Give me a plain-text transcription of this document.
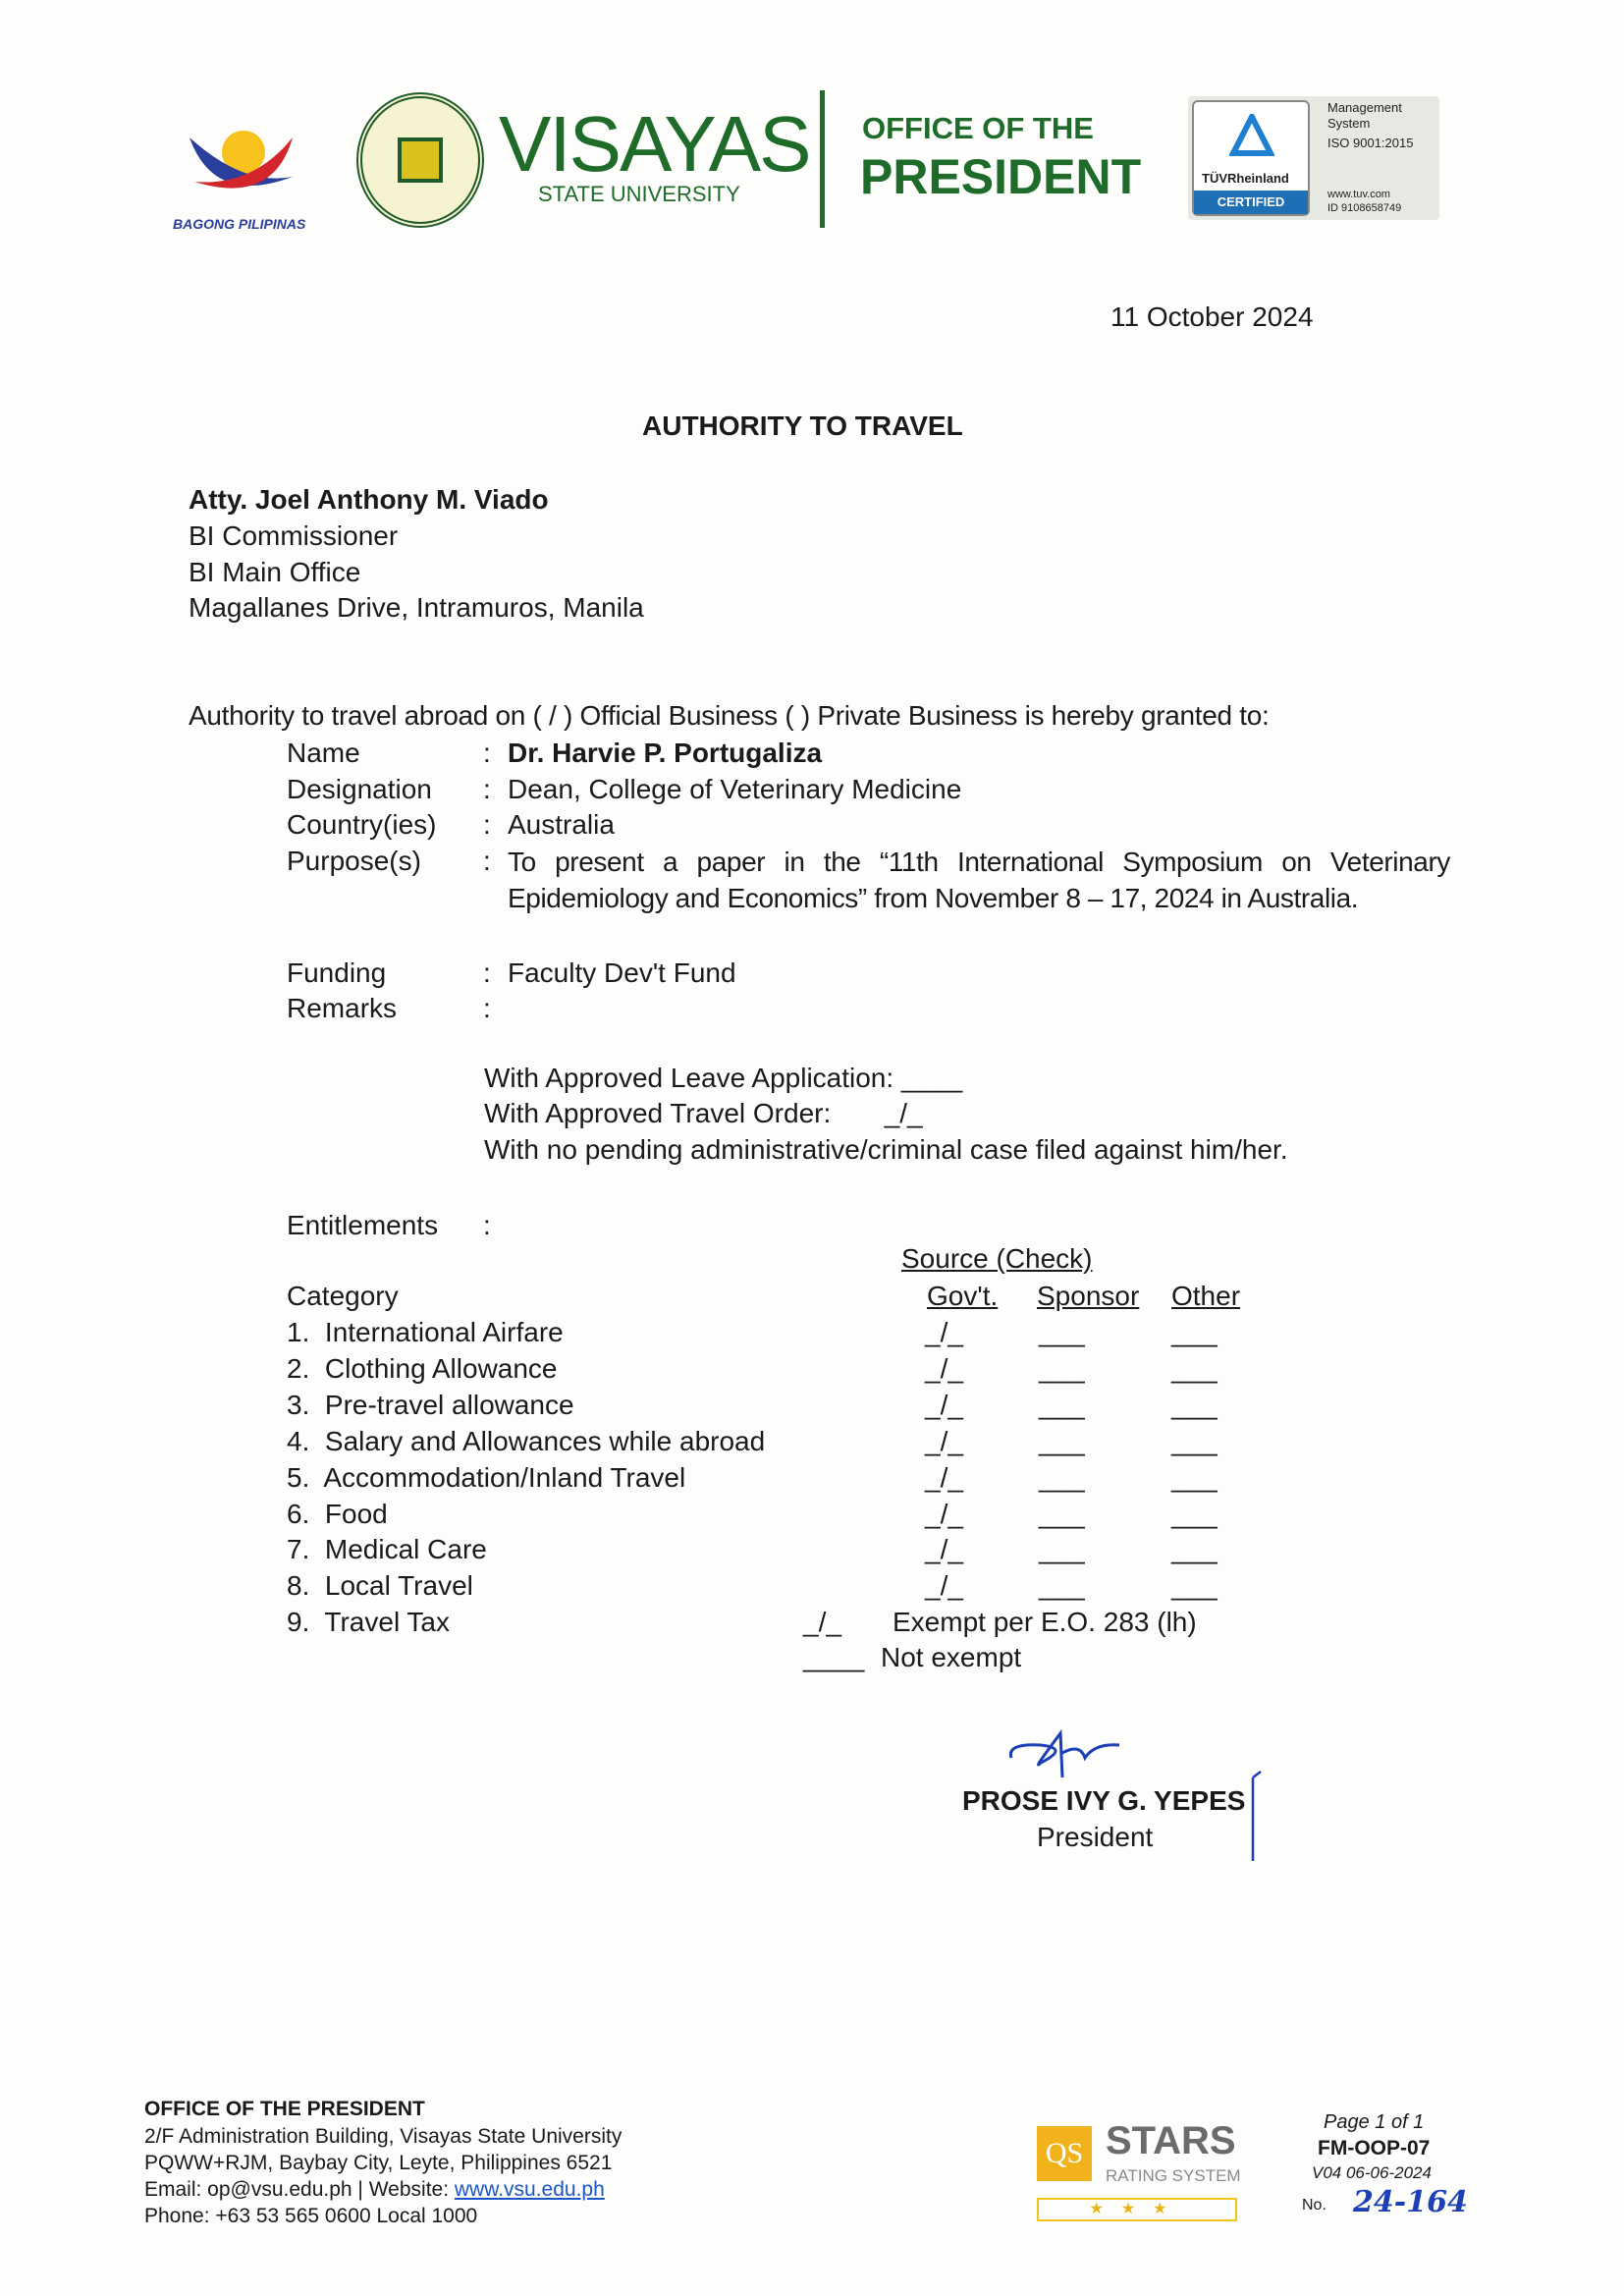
BAGONG PILIPINAS
VISAYAS
STATE UNIVERSITY
OFFICE OF THE
PRESIDENT	TÜVRheinland
CERTIFIED
Management
System
ISO 9001:2015
www.tuv.com
ID 9108658749
11 October 2024
AUTHORITY TO TRAVEL
Atty. Joel Anthony M. Viado
BI Commissioner
BI Main Office
Magallanes Drive, Intramuros, Manila
Authority to travel abroad on ( / ) Official Business ( ) Private Business is hereby granted to:
Name	: Dr. Harvie P. Portugaliza
Designation : Dean, College of Veterinary Medicine
Country(ies) : Australia
Purpose(s) : To present a paper in the “11th International Symposium on Veterinary Epidemiology and Economics” from November 8 – 17, 2024 in Australia.
Funding	: Faculty Dev't Fund
Remarks	:
With Approved Leave Application: ____
With Approved Travel Order:       _/_
With no pending administrative/criminal case filed against him/her.
Entitlements :
Source (Check)
Category	Gov't. Sponsor Other
1.  International Airfare	_/_	___	___
2.  Clothing Allowance	_/_	___	___
3.  Pre-travel allowance	_/_	___	___
4.  Salary and Allowances while abroad	_/_	___	___
5.  Accommodation/Inland Travel	_/_	___	___
6.  Food	_/_	___	___
7.  Medical Care	_/_	___	___
8.  Local Travel	_/_	___	___
9.  Travel Tax	_/_ Exempt per E.O. 283 (lh)
____ Not exempt
PROSE IVY G. YEPES
President
OFFICE OF THE PRESIDENT
2/F Administration Building, Visayas State University
PQWW+RJM, Baybay City, Leyte, Philippines 6521
Email: op@vsu.edu.ph | Website: www.vsu.edu.ph
Phone: +63 53 565 0600 Local 1000
QS STARS
RATING SYSTEM
★★★
Page 1 of 1
FM-OOP-07
V04 06-06-2024
No. 24-164
